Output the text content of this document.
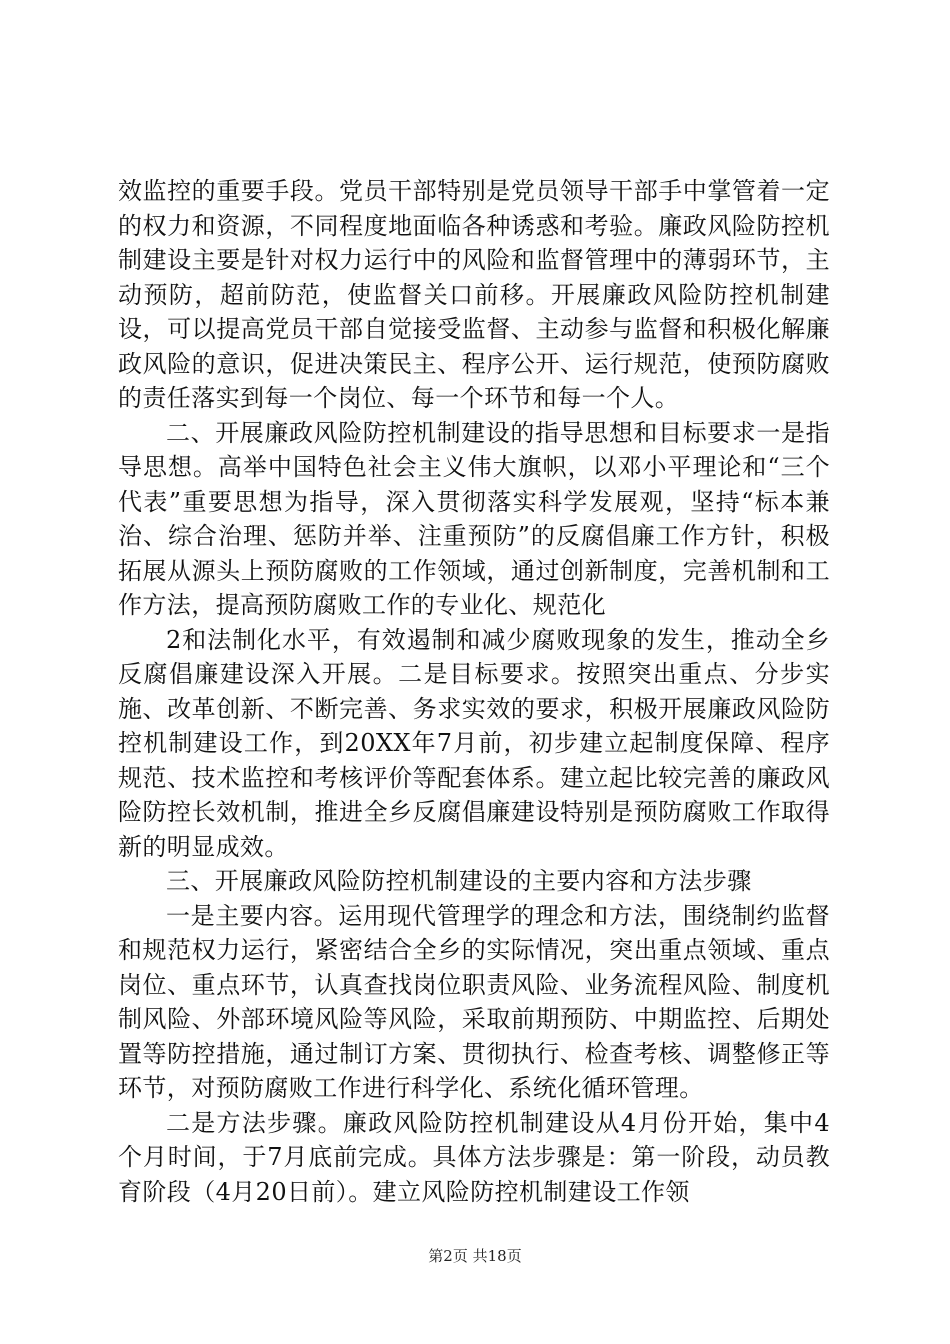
效监控的重要手段。党员干部特别是党员领导干部手中掌管着一定的权力和资源，不同程度地面临各种诱惑和考验。廉政风险防控机制建设主要是针对权力运行中的风险和监督管理中的薄弱环节，主动预防，超前防范，使监督关口前移。开展廉政风险防控机制建设，可以提高党员干部自觉接受监督、主动参与监督和积极化解廉政风险的意识，促进决策民主、程序公开、运行规范，使预防腐败的责任落实到每一个岗位、每一个环节和每一个人。

二、开展廉政风险防控机制建设的指导思想和目标要求一是指导思想。高举中国特色社会主义伟大旗帜，以邓小平理论和“三个代表”重要思想为指导，深入贯彻落实科学发展观，坚持“标本兼治、综合治理、惩防并举、注重预防”的反腐倡廉工作方针，积极拓展从源头上预防腐败的工作领域，通过创新制度，完善机制和工作方法，提高预防腐败工作的专业化、规范化

2和法制化水平，有效遏制和减少腐败现象的发生，推动全乡反腐倡廉建设深入开展。二是目标要求。按照突出重点、分步实施、改革创新、不断完善、务求实效的要求，积极开展廉政风险防控机制建设工作，到20XX年7月前，初步建立起制度保障、程序规范、技术监控和考核评价等配套体系。建立起比较完善的廉政风险防控长效机制，推进全乡反腐倡廉建设特别是预防腐败工作取得新的明显成效。

三、开展廉政风险防控机制建设的主要内容和方法步骤

一是主要内容。运用现代管理学的理念和方法，围绕制约监督和规范权力运行，紧密结合全乡的实际情况，突出重点领域、重点岗位、重点环节，认真查找岗位职责风险、业务流程风险、制度机制风险、外部环境风险等风险，采取前期预防、中期监控、后期处置等防控措施，通过制订方案、贯彻执行、检查考核、调整修正等环节，对预防腐败工作进行科学化、系统化循环管理。

二是方法步骤。廉政风险防控机制建设从4月份开始，集中4个月时间，于7月底前完成。具体方法步骤是：第一阶段，动员教育阶段（4月20日前）。建立风险防控机制建设工作领

第2页 共18页
